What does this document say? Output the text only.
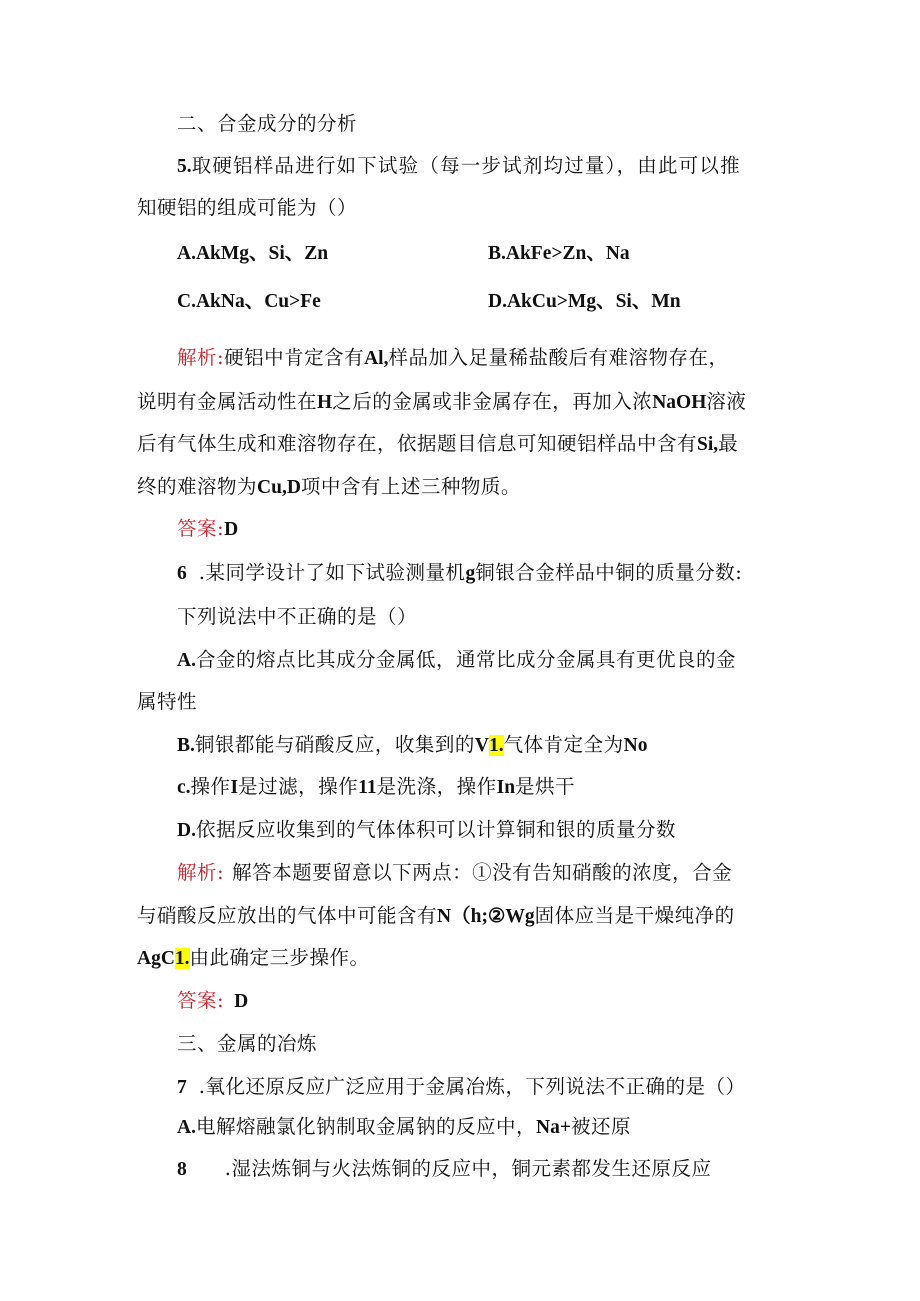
二、合金成分的分析
5.取硬铝样品进行如下试验（每一步试剂均过量），由此可以推
知硬铝的组成可能为（）
A.AkMg、Si、Zn	B.AkFe>Zn、Na
C.AkNa、Cu>Fe	D.AkCu>Mg、Si、Mn
解析:硬铝中肯定含有Al,样品加入足量稀盐酸后有难溶物存在，
说明有金属活动性在H之后的金属或非金属存在，再加入浓NaOH溶液
后有气体生成和难溶物存在，依据题目信息可知硬铝样品中含有Si,最
终的难溶物为Cu,D项中含有上述三种物质。
答案:D
6 .某同学设计了如下试验测量机g铜银合金样品中铜的质量分数:
下列说法中不正确的是（）
A.合金的熔点比其成分金属低，通常比成分金属具有更优良的金
属特性
B.铜银都能与硝酸反应，收集到的V1.气体肯定全为No
c.操作I是过滤，操作11是洗涤，操作In是烘干
D.依据反应收集到的气体体积可以计算铜和银的质量分数
解析: 解答本题要留意以下两点：①没有告知硝酸的浓度，合金
与硝酸反应放出的气体中可能含有N（h;②Wg固体应当是干燥纯净的
AgC1.由此确定三步操作。
答案: D
三、金属的冶炼
7 .氧化还原反应广泛应用于金属冶炼，下列说法不正确的是（）
A.电解熔融氯化钠制取金属钠的反应中，Na+被还原
8 .湿法炼铜与火法炼铜的反应中，铜元素都发生还原反应
